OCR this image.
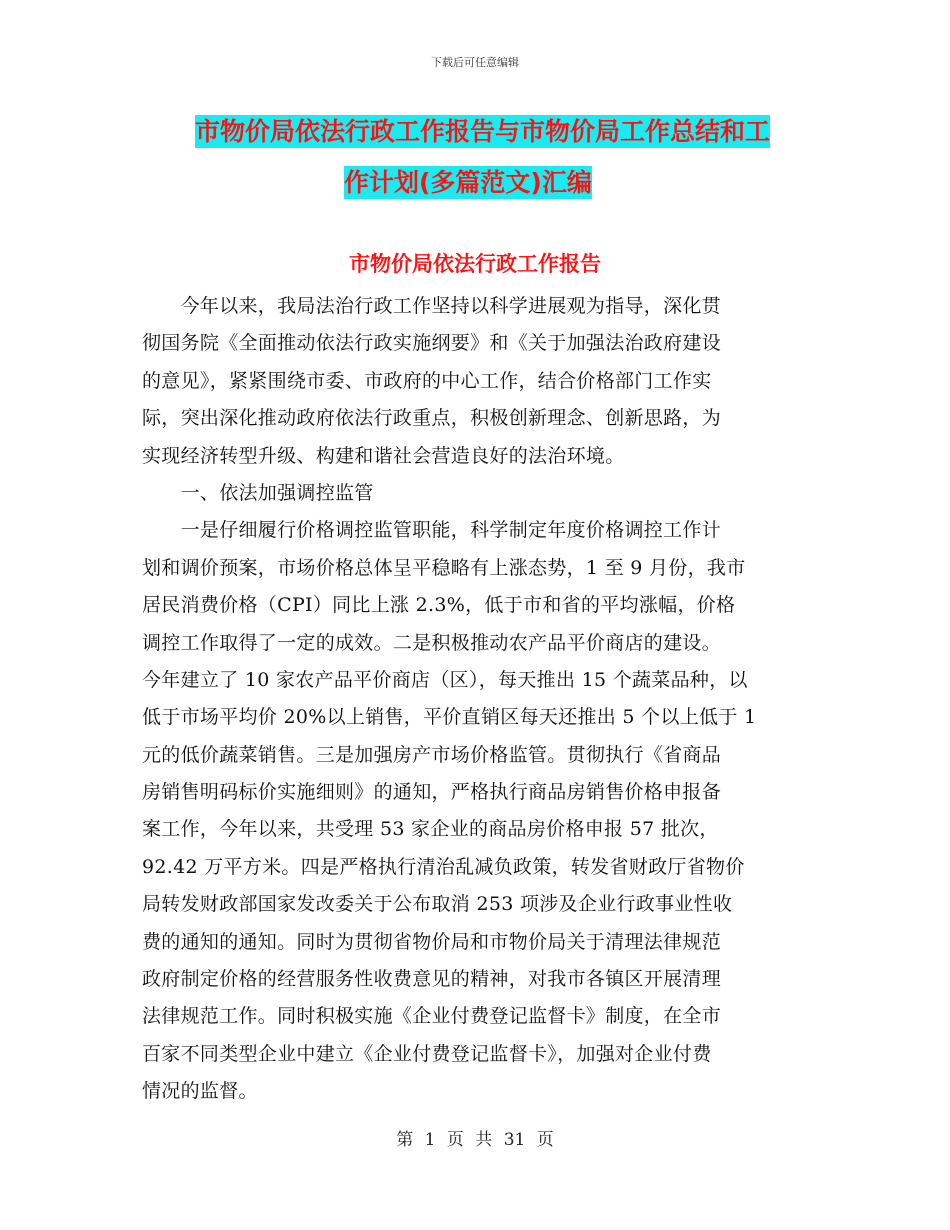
下载后可任意编辑
市物价局依法行政工作报告与市物价局工作总结和工
作计划(多篇范文)汇编
市物价局依法行政工作报告
　　今年以来，我局法治行政工作坚持以科学进展观为指导，深化贯
彻国务院《全面推动依法行政实施纲要》和《关于加强法治政府建设
的意见》，紧紧围绕市委、市政府的中心工作，结合价格部门工作实
际，突出深化推动政府依法行政重点，积极创新理念、创新思路，为
实现经济转型升级、构建和谐社会营造良好的法治环境。
　　一、依法加强调控监管
　　一是仔细履行价格调控监管职能，科学制定年度价格调控工作计
划和调价预案，市场价格总体呈平稳略有上涨态势，1 至 9 月份，我市
居民消费价格（CPI）同比上涨 2.3%，低于市和省的平均涨幅，价格
调控工作取得了一定的成效。二是积极推动农产品平价商店的建设。
今年建立了 10 家农产品平价商店（区），每天推出 15 个蔬菜品种，以
低于市场平均价 20%以上销售，平价直销区每天还推出 5 个以上低于 1
元的低价蔬菜销售。三是加强房产市场价格监管。贯彻执行《省商品
房销售明码标价实施细则》的通知，严格执行商品房销售价格申报备
案工作，今年以来，共受理 53 家企业的商品房价格申报 57 批次，
92.42 万平方米。四是严格执行清治乱减负政策，转发省财政厅省物价
局转发财政部国家发改委关于公布取消 253 项涉及企业行政事业性收
费的通知的通知。同时为贯彻省物价局和市物价局关于清理法律规范
政府制定价格的经营服务性收费意见的精神，对我市各镇区开展清理
法律规范工作。同时积极实施《企业付费登记监督卡》制度，在全市
百家不同类型企业中建立《企业付费登记监督卡》，加强对企业付费
情况的监督。
第 1 页 共 31 页
